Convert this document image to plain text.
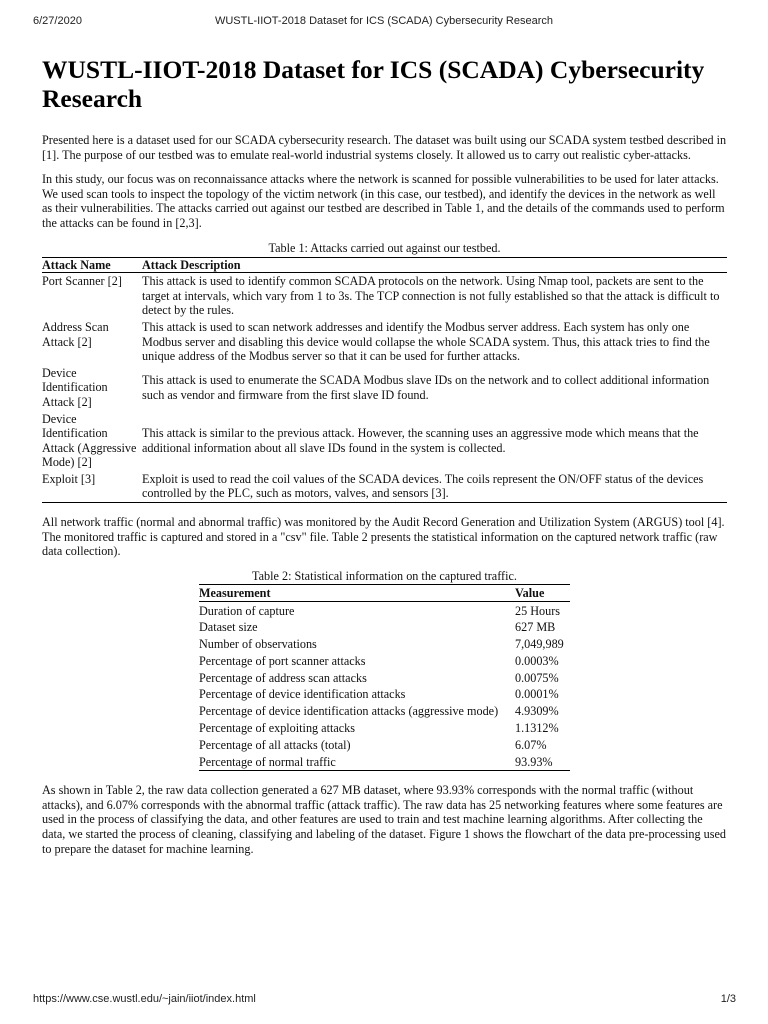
6/27/2020	WUSTL-IIOT-2018 Dataset for ICS (SCADA) Cybersecurity Research
WUSTL-IIOT-2018 Dataset for ICS (SCADA) Cybersecurity Research

Presented here is a dataset used for our SCADA cybersecurity research. The dataset was built using our SCADA system testbed described in [1]. The purpose of our testbed was to emulate real-world industrial systems closely. It allowed us to carry out realistic cyber-attacks.

In this study, our focus was on reconnaissance attacks where the network is scanned for possible vulnerabilities to be used for later attacks. We used scan tools to inspect the topology of the victim network (in this case, our testbed), and identify the devices in the network as well as their vulnerabilities. The attacks carried out against our testbed are described in Table 1, and the details of the commands used to perform the attacks can be found in [2,3].

Table 1: Attacks carried out against our testbed.
Attack Name	Attack Description
Port Scanner [2]	This attack is used to identify common SCADA protocols on the network. Using Nmap tool, packets are sent to the target at intervals, which vary from 1 to 3s. The TCP connection is not fully established so that the attack is difficult to detect by the rules.
Address Scan Attack [2]	This attack is used to scan network addresses and identify the Modbus server address. Each system has only one Modbus server and disabling this device would collapse the whole SCADA system. Thus, this attack tries to find the unique address of the Modbus server so that it can be used for further attacks.
Device Identification Attack [2]	This attack is used to enumerate the SCADA Modbus slave IDs on the network and to collect additional information such as vendor and firmware from the first slave ID found.
Device Identification Attack (Aggressive Mode) [2]	This attack is similar to the previous attack. However, the scanning uses an aggressive mode which means that the additional information about all slave IDs found in the system is collected.
Exploit [3]	Exploit is used to read the coil values of the SCADA devices. The coils represent the ON/OFF status of the devices controlled by the PLC, such as motors, valves, and sensors [3].

All network traffic (normal and abnormal traffic) was monitored by the Audit Record Generation and Utilization System (ARGUS) tool [4]. The monitored traffic is captured and stored in a "csv" file. Table 2 presents the statistical information on the captured network traffic (raw data collection).

Table 2: Statistical information on the captured traffic.
Measurement	Value
Duration of capture	25 Hours
Dataset size	627 MB
Number of observations	7,049,989
Percentage of port scanner attacks	0.0003%
Percentage of address scan attacks	0.0075%
Percentage of device identification attacks	0.0001%
Percentage of device identification attacks (aggressive mode)	4.9309%
Percentage of exploiting attacks	1.1312%
Percentage of all attacks (total)	6.07%
Percentage of normal traffic	93.93%

As shown in Table 2, the raw data collection generated a 627 MB dataset, where 93.93% corresponds with the normal traffic (without attacks), and 6.07% corresponds with the abnormal traffic (attack traffic). The raw data has 25 networking features where some features are used in the process of classifying the data, and other features are used to train and test machine learning algorithms. After collecting the data, we started the process of cleaning, classifying and labeling of the dataset. Figure 1 shows the flowchart of the data pre-processing used to prepare the dataset for machine learning.

https://www.cse.wustl.edu/~jain/iiot/index.html	1/3
